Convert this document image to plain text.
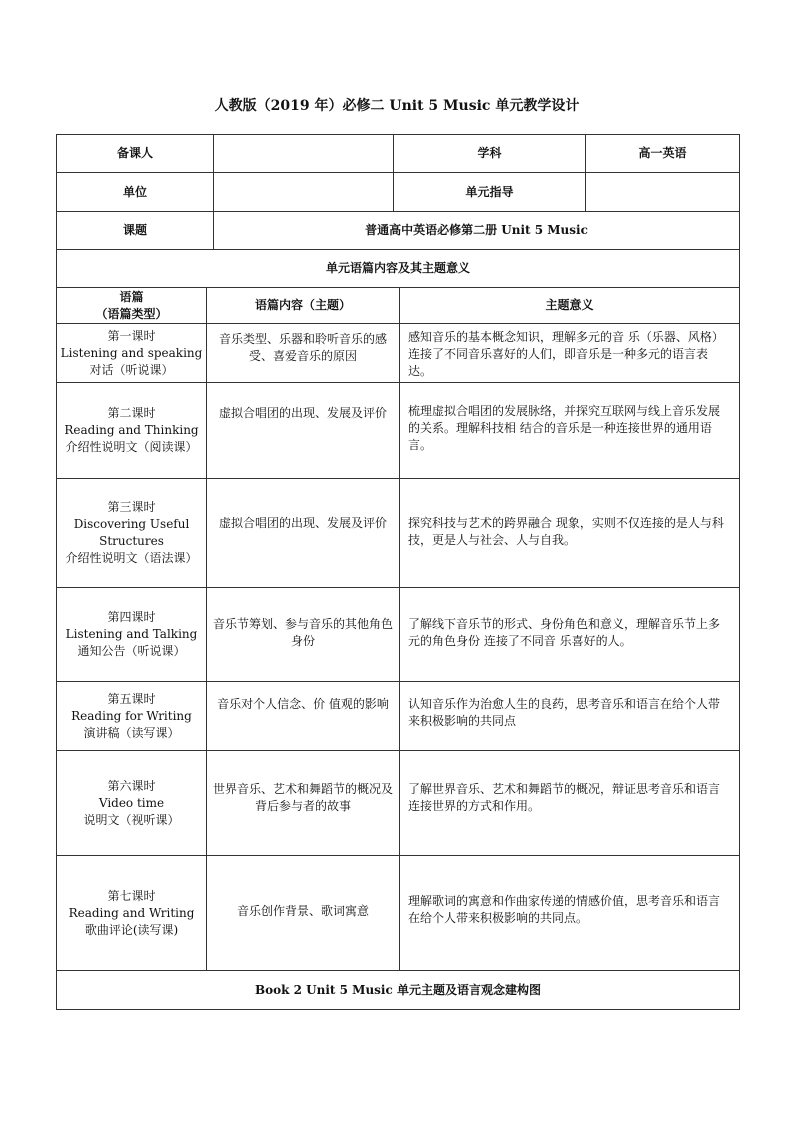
人教版（2019 年）必修二 Unit 5 Music 单元教学设计
备课人		学科	高一英语
单位		单元指导	
课题	普通高中英语必修第二册 Unit 5 Music		
单元语篇内容及其主题意义			
语篇
（语篇类型）	语篇内容（主题）	主题意义

第一课时
Listening and speaking
对话（听说课）	音乐类型、乐器和聆听音乐的感受、喜爱音乐的原因	感知音乐的基本概念知识，理解多元的音 乐（乐器、风格）连接了不同音乐喜好的人们，即音乐是一种多元的语言表达。

第二课时
Reading and Thinking
介绍性说明文（阅读课）	虚拟合唱团的出现、发展及评价	梳理虚拟合唱团的发展脉络，并探究互联网与线上音乐发展的关系。理解科技相 结合的音乐是一种连接世界的通用语言。

第三课时
Discovering Useful
Structures
介绍性说明文（语法课）	虚拟合唱团的出现、发展及评价	探究科技与艺术的跨界融合 现象，实则不仅连接的是人与科技，更是人与社会、人与自我。

第四课时
Listening and Talking
通知公告（听说课）	音乐节筹划、参与音乐的其他角色身份	了解线下音乐节的形式、身份角色和意义，理解音乐节上多元的角色身份 连接了不同音 乐喜好的人。

第五课时
Reading for Writing
演讲稿（读写课）	音乐对个人信念、价 值观的影响	认知音乐作为治愈人生的良药，思考音乐和语言在给个人带来积极影响的共同点

第六课时
Video time
说明文（视听课）	世界音乐、艺术和舞蹈节的概况及背后参与者的故事	了解世界音乐、艺术和舞蹈节的概况，辩证思考音乐和语言连接世界的方式和作用。

第七课时
Reading and Writing
歌曲评论(读写课)	音乐创作背景、歌词寓意	理解歌词的寓意和作曲家传递的情感价值，思考音乐和语言在给个人带来积极影响的共同点。
Book 2 Unit 5 Music 单元主题及语言观念建构图		
